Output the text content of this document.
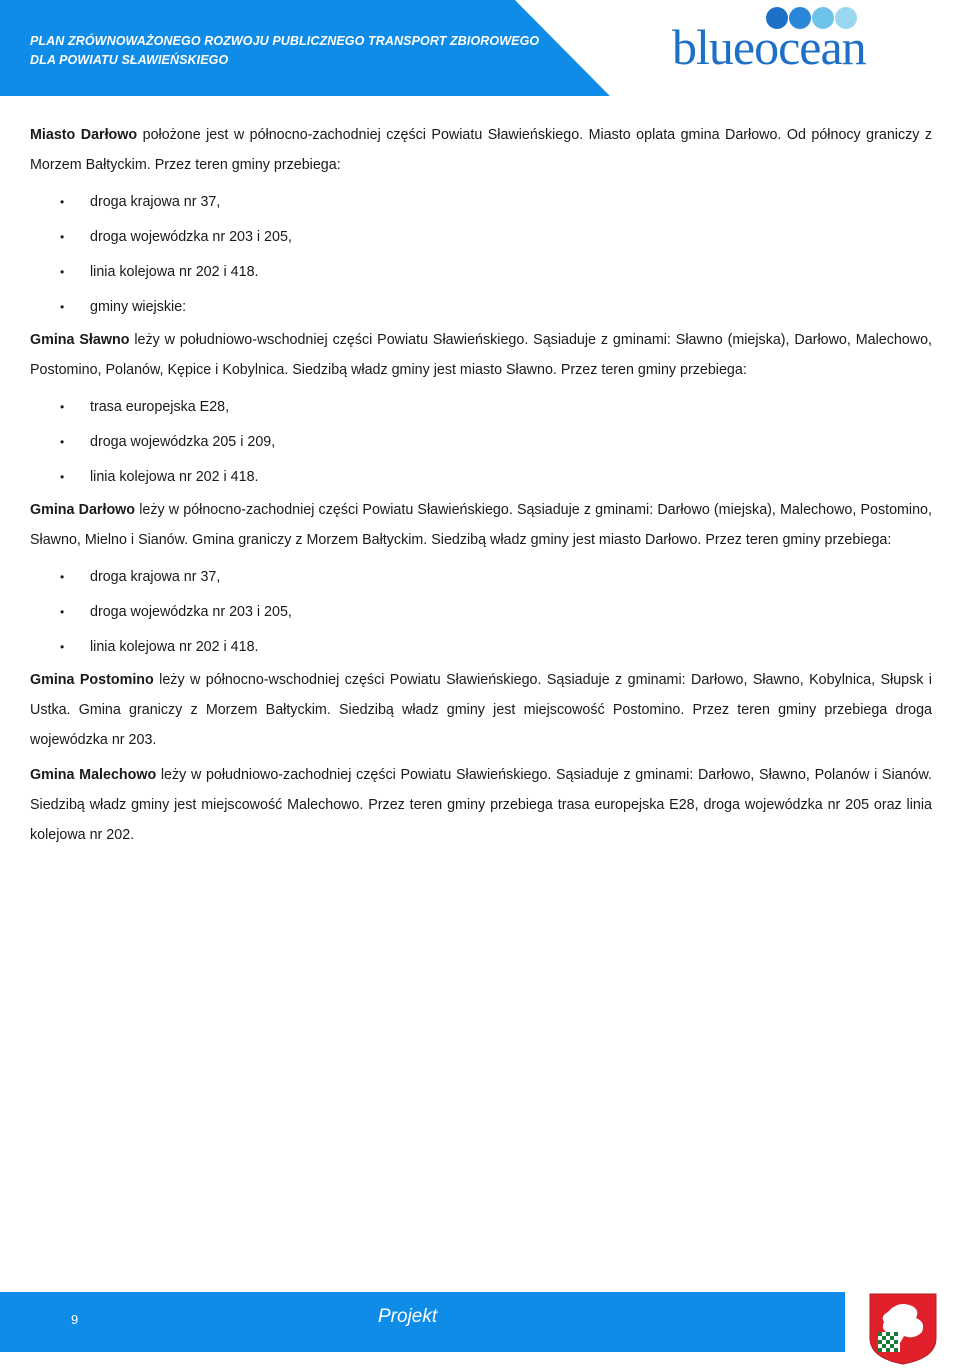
PLAN ZRÓWNOWAŻONEGO ROZWOJU PUBLICZNEGO TRANSPORT ZBIOROWEGO
DLA POWIATU SŁAWIEŃSKIEGO	blueocean

Miasto Darłowo położone jest w północno-zachodniej części Powiatu Sławieńskiego. Miasto oplata gmina Darłowo. Od północy graniczy z Morzem Bałtyckim. Przez teren gminy przebiega:

• droga krajowa nr 37,
• droga wojewódzka nr 203 i 205,
• linia kolejowa nr 202 i 418.
• gminy wiejskie:

Gmina Sławno leży w południowo-wschodniej części Powiatu Sławieńskiego. Sąsiaduje z gminami: Sławno (miejska), Darłowo, Malechowo, Postomino, Polanów, Kępice i Kobylnica. Siedzibą władz gminy jest miasto Sławno. Przez teren gminy przebiega:

• trasa europejska E28,
• droga wojewódzka 205 i 209,
• linia kolejowa nr 202 i 418.

Gmina Darłowo leży w północno-zachodniej części Powiatu Sławieńskiego. Sąsiaduje z gminami: Darłowo (miejska), Malechowo, Postomino, Sławno, Mielno i Sianów. Gmina graniczy z Morzem Bałtyckim. Siedzibą władz gminy jest miasto Darłowo. Przez teren gminy przebiega:

• droga krajowa nr 37,
• droga wojewódzka nr 203 i 205,
• linia kolejowa nr 202 i 418.

Gmina Postomino leży w północno-wschodniej części Powiatu Sławieńskiego. Sąsiaduje z gminami: Darłowo, Sławno, Kobylnica, Słupsk i Ustka. Gmina graniczy z Morzem Bałtyckim. Siedzibą władz gminy jest miejscowość Postomino. Przez teren gminy przebiega droga wojewódzka nr 203.

Gmina Malechowo leży w południowo-zachodniej części Powiatu Sławieńskiego. Sąsiaduje z gminami: Darłowo, Sławno, Polanów i Sianów. Siedzibą władz gminy jest miejscowość Malechowo. Przez teren gminy przebiega trasa europejska E28, droga wojewódzka nr 205 oraz linia kolejowa nr 202.

9	Projekt
